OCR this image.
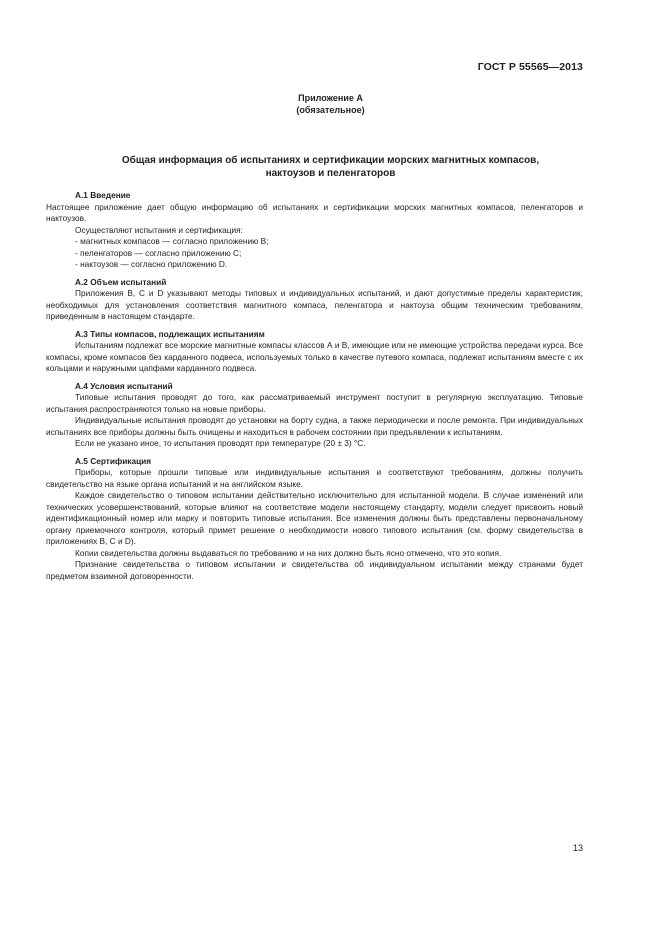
ГОСТ Р 55565—2013

Приложение А
(обязательное)
Общая информация об испытаниях и сертификации морских магнитных компасов,
нактоузов и пеленгаторов

А.1 Введение

Настоящее приложение дает общую информацию об испытаниях и сертификации морских магнитных компасов, пеленгаторов и нактоузов.

Осуществляют испытания и сертификация:

- магнитных компасов — согласно приложению В;

- пеленгаторов — согласно приложению С;

- нактоузов — согласно приложению D.

А.2 Объем испытаний

Приложения В, С и D указывают методы типовых и индивидуальных испытаний, и дают допустимые пределы характеристик, необходимых для установления соответствия магнитного компаса, пеленгатора и нактоуза общим техническим требованиям, приведенным в настоящем стандарте.

А.3 Типы компасов, подлежащих испытаниям

Испытаниям подлежат все морские магнитные компасы классов А и В, имеющие или не имеющие устройства передачи курса. Все компасы, кроме компасов без карданного подвеса, используемых только в качестве путевого компаса, подлежат испытаниям вместе с их кольцами и наружными цапфами карданного подвеса.

А.4 Условия испытаний

Типовые испытания проводят до того, как рассматриваемый инструмент поступит в регулярную эксплуатацию. Типовые испытания распространяются только на новые приборы.

Индивидуальные испытания проводят до установки на борту судна, а также периодически и после ремонта. При индивидуальных испытаниях все приборы должны быть очищены и находиться в рабочем состоянии при предъявлении к испытаниям.

Если не указано иное, то испытания проводят при температуре (20 ± 3) °С.

А.5 Сертификация

Приборы, которые прошли типовые или индивидуальные испытания и соответствуют требованиям, должны получить свидетельство на языке органа испытаний и на английском языке.

Каждое свидетельство о типовом испытании действительно исключительно для испытанной модели. В случае изменений или технических усовершенствований, которые влияют на соответствие модели настоящему стандарту, модели следует присвоить новый идентификационный номер или марку и повторить типовые испытания. Все изменения должны быть представлены первоначальному органу приемочного контроля, который примет решение о необходимости нового типового испытания (см. форму свидетельства в приложениях В, С и D).

Копии свидетельства должны выдаваться по требованию и на них должно быть ясно отмечено, что это копия.

Признание свидетельства о типовом испытании и свидетельства об индивидуальном испытании между странами будет предметом взаимной договоренности.

13
